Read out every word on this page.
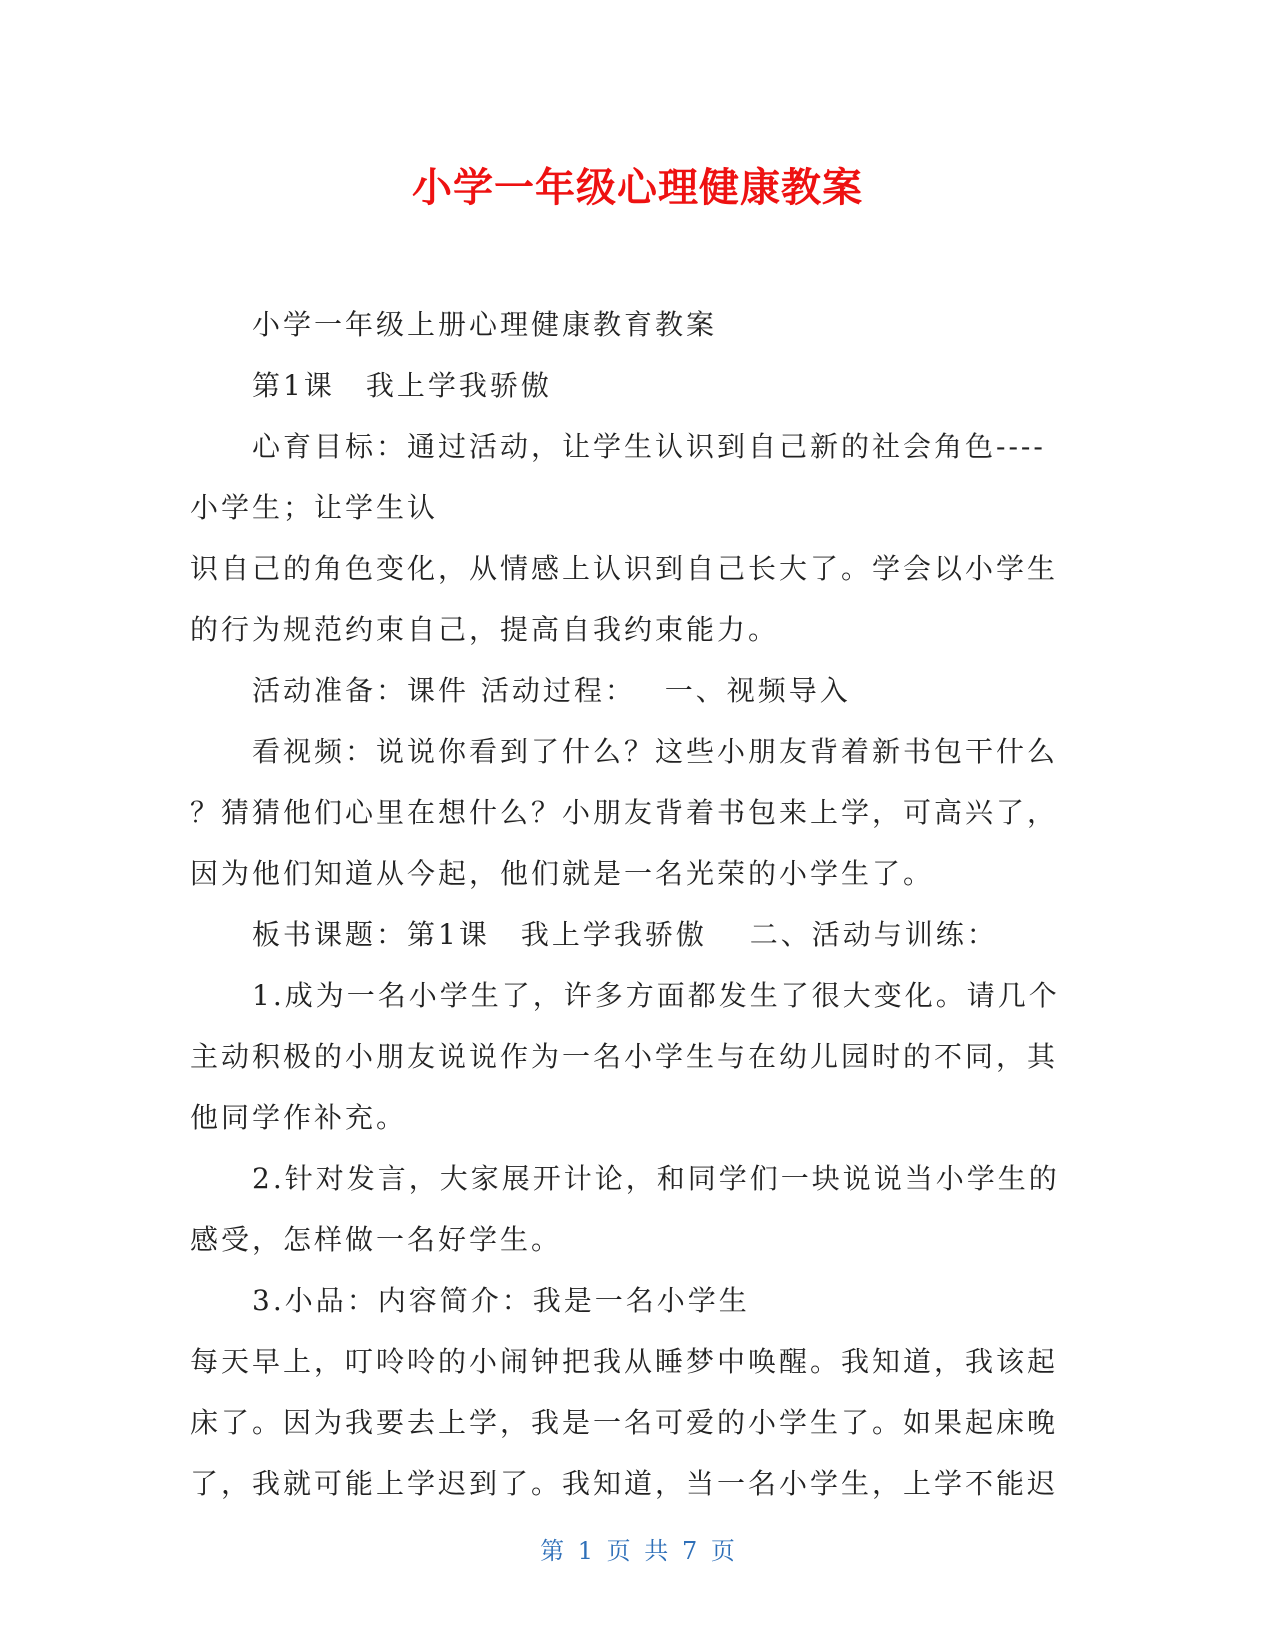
小学一年级心理健康教案
小学一年级上册心理健康教育教案
第1课　我上学我骄傲
心育目标：通过活动，让学生认识到自己新的社会角色----
小学生；让学生认
识自己的角色变化，从情感上认识到自己长大了。学会以小学生
的行为规范约束自己，提高自我约束能力。
活动准备：课件 活动过程：　 一、视频导入
看视频：说说你看到了什么？这些小朋友背着新书包干什么
？猜猜他们心里在想什么？小朋友背着书包来上学，可高兴了，
因为他们知道从今起，他们就是一名光荣的小学生了。
板书课题：第1课　我上学我骄傲　 二、活动与训练：
1.成为一名小学生了，许多方面都发生了很大变化。请几个
主动积极的小朋友说说作为一名小学生与在幼儿园时的不同，其
他同学作补充。
2.针对发言，大家展开计论，和同学们一块说说当小学生的
感受，怎样做一名好学生。
3.小品：内容简介：我是一名小学生
每天早上，叮呤呤的小闹钟把我从睡梦中唤醒。我知道，我该起
床了。因为我要去上学，我是一名可爱的小学生了。如果起床晚
了，我就可能上学迟到了。我知道，当一名小学生，上学不能迟
第 1 页 共 7 页
